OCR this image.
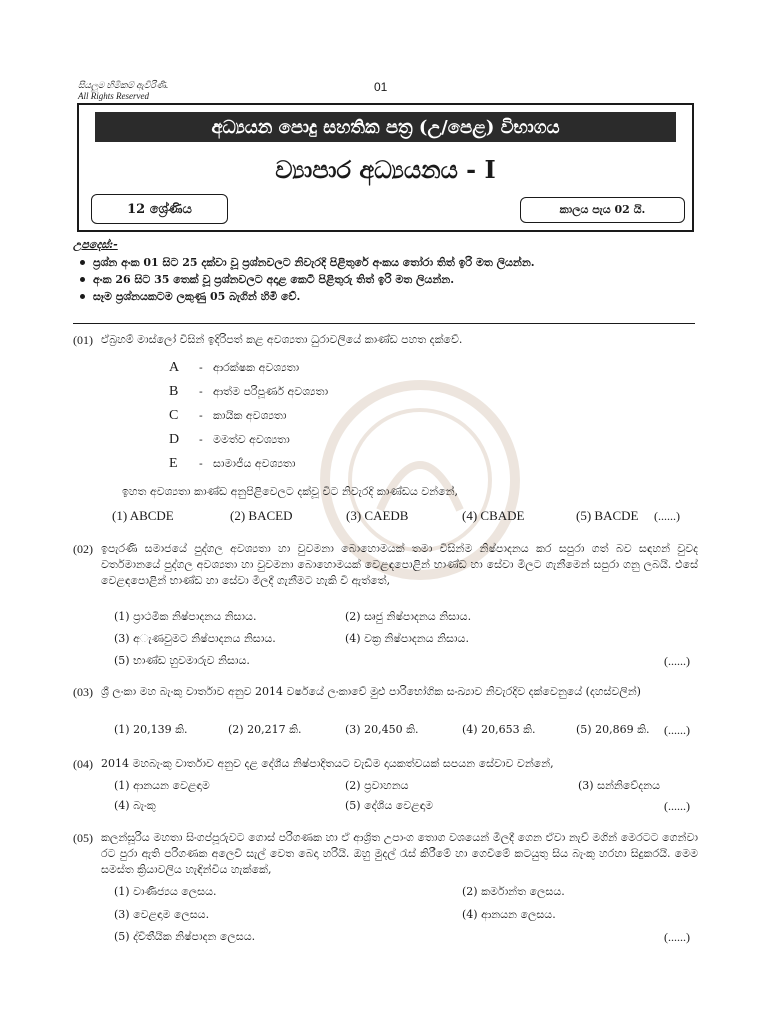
සියලුම හිමිකම් ඇවිරිණි.
All Rights Reserved
01
අධ්‍යයන පොදු සහතික පත්‍ර (උ/පෙළ) විභාගය
ව්‍යාපාර අධ්‍යයනය - I
12 ශ්‍රේණිය	කාලය පැය 02 යි.
උපදෙස්:-
ප්‍රශ්න අංක 01 සිට 25 දක්වා වූ ප්‍රශ්නවලට නිවැරදි පිළිතුරේ අංකය තෝරා තිත් ඉරි මත ලියන්න.
අංක 26 සිට 35 තෙක් වූ ප්‍රශ්නවලට අදාළ කෙටි පිළිතුරු තිත් ඉරි මත ලියන්න.
සෑම ප්‍රශ්නයකටම ලකුණු 05 බැගින් හිමි වේ.
(01) ඒබ්‍රහම් මාස්ලෝ විසින් ඉදිරිපත් කළ අවශ්‍යතා ධුරාවලියේ කාණ්ඩ පහත දක්වේ.
A - ආරක්ෂක අවශ්‍යතා
B - ආත්ම පරිපූර්ණ අවශ්‍යතා
C - කායික අවශ්‍යතා
D - මමත්ව අවශ්‍යතා
E - සාමාජීය අවශ්‍යතා
ඉහත අවශ්‍යතා කාණ්ඩ අනුපිළිවෙලට දක්වූ විට නිවැරදි කාණ්ඩය වන්නේ,
(1) ABCDE	(2) BACED	(3) CAEDB	(4) CBADE	(5) BACDE (......)
(02) ඉපැරණි සමාජයේ පුද්ගල අවශ්‍යතා හා වුවමනා බොහොමයක් තමා විසින්ම නිෂ්පාදනය කර සපුරා ගත් බව සඳහන් වුවද වර්තමානයේ පුද්ගල අවශ්‍යතා හා වුවමනා බොහොමයක් වෙළඳපොළින් භාණ්ඩ හා සේවා මිලට ගැනීමෙන් සපුරා ගනු ලබයි. එසේ වෙළඳපොළින් භාණ්ඩ හා සේවා මිලදී ගැනීමට හැකි වී ඇත්තේ,
(1) ප්‍රාථමික නිෂ්පාදනය නිසාය.	(2) සෘජු නිෂ්පාදනය නිසාය.
(3) අැණවුමට නිෂ්පාදනය නිසාය.	(4) වක්‍ර නිෂ්පාදනය නිසාය.
(5) භාණ්ඩ හුවමාරුව නිසාය.	(......)
(03) ශ්‍රී ලංකා මහ බැංකු වාර්තාව අනුව 2014 වර්ෂයේ ලංකාවේ මුළු පාරිභෝගික සංඛ්‍යාව නිවැරදිව දක්වෙනුයේ (දහස්වලින්)
(1) 20,139 කි.	(2) 20,217 කි.	(3) 20,450 කි.	(4) 20,653 කි.	(5) 20,869 කි. (......)
(04) 2014 මහබැංකු වාර්තාව අනුව දළ දේශීය නිෂ්පාදිතයට වැඩිම දායකත්වයක් සපයන සේවාව වන්නේ,
(1) ආනයන වෙළඳාම	(2) ප්‍රවාහනය	(3) සන්නිවේදනය
(4) බැංකු	(5) දේශීය වෙළඳාම	(......)
(05) කලන්සූරිය මහතා සිංගප්පූරුවට ගොස් පරිගණක හා ඒ ආශ්‍රිත උපාංග තොග වශයෙන් මිලදී ගෙන ඒවා නැව් මගින් මෙරටට ගෙන්වා රට පුරා ඇති පරිගණක අලෙවි සැල් වෙත බෙදා හරියි. ඔහු මුදල් රැස් කිරීමේ හා ගෙවීමේ කටයුතු සිය බැංකු හරහා සිදුකරයි. මෙම සමස්ත ක්‍රියාවලිය හැඳින්විය හැක්කේ,
(1) වාණිජ්‍යය ලෙසය.	(2) කර්මාන්ත ලෙසය.
(3) වෙළඳාම ලෙසය.	(4) ආනයන ලෙසය.
(5) ද්විතීයික නිෂ්පාදන ලෙසය.	(......)
